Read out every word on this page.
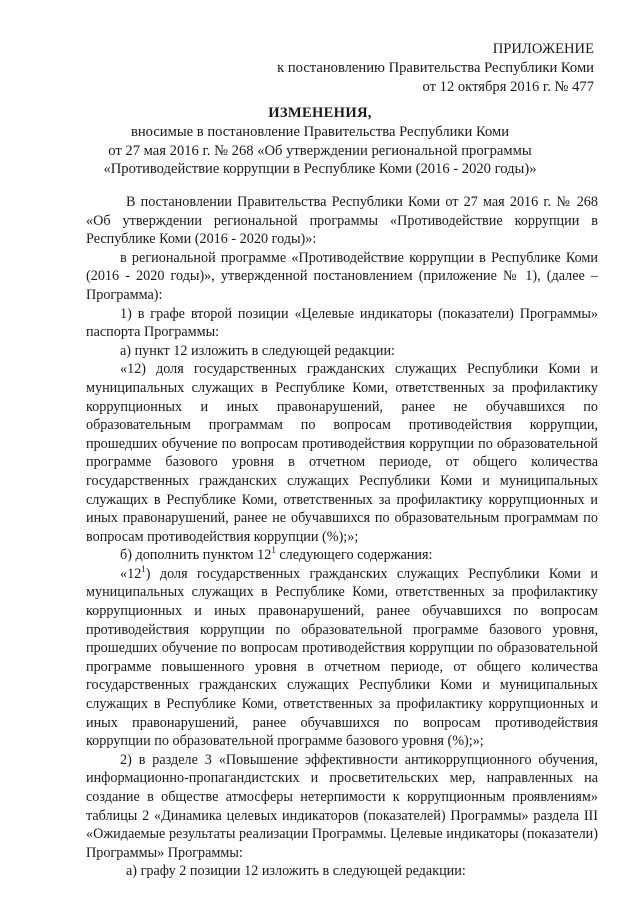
ПРИЛОЖЕНИЕ
к постановлению Правительства Республики Коми
от 12 октября 2016 г. № 477
ИЗМЕНЕНИЯ,
вносимые в постановление Правительства Республики Коми
от 27 мая 2016 г. № 268 «Об утверждении региональной программы
«Противодействие коррупции в Республике Коми (2016 - 2020 годы)»

В постановлении Правительства Республики Коми от 27 мая 2016 г. № 268 «Об утверждении региональной программы «Противодействие коррупции в Республике Коми (2016 - 2020 годы)»:

в региональной программе «Противодействие коррупции в Республике Коми (2016 - 2020 годы)», утвержденной постановлением (приложение № 1), (далее – Программа):

1) в графе второй позиции «Целевые индикаторы (показатели) Программы» паспорта Программы:

а) пункт 12 изложить в следующей редакции:

«12) доля государственных гражданских служащих Республики Коми и муниципальных служащих в Республике Коми, ответственных за профилактику коррупционных и иных правонарушений, ранее не обучавшихся по образовательным программам по вопросам противодействия коррупции, прошедших обучение по вопросам противодействия коррупции по образовательной программе базового уровня в отчетном периоде, от общего количества государственных гражданских служащих Республики Коми и муниципальных служащих в Республике Коми, ответственных за профилактику коррупционных и иных правонарушений, ранее не обучавшихся по образовательным программам по вопросам противодействия коррупции (%);»;

б) дополнить пунктом $12^1$ следующего содержания:

«$12^1$) доля государственных гражданских служащих Республики Коми и муниципальных служащих в Республике Коми, ответственных за профилактику коррупционных и иных правонарушений, ранее обучавшихся по вопросам противодействия коррупции по образовательной программе базового уровня, прошедших обучение по вопросам противодействия коррупции по образовательной программе повышенного уровня в отчетном периоде, от общего количества государственных гражданских служащих Республики Коми и муниципальных служащих в Республике Коми, ответственных за профилактику коррупционных и иных правонарушений, ранее обучавшихся по вопросам противодействия коррупции по образовательной программе базового уровня (%);»;

2) в разделе 3 «Повышение эффективности антикоррупционного обучения, информационно-пропагандистских и просветительских мер, направленных на создание в обществе атмосферы нетерпимости к коррупционным проявлениям» таблицы 2 «Динамика целевых индикаторов (показателей) Программы» раздела III «Ожидаемые результаты реализации Программы. Целевые индикаторы (показатели) Программы» Программы:

а) графу 2 позиции 12 изложить в следующей редакции:
